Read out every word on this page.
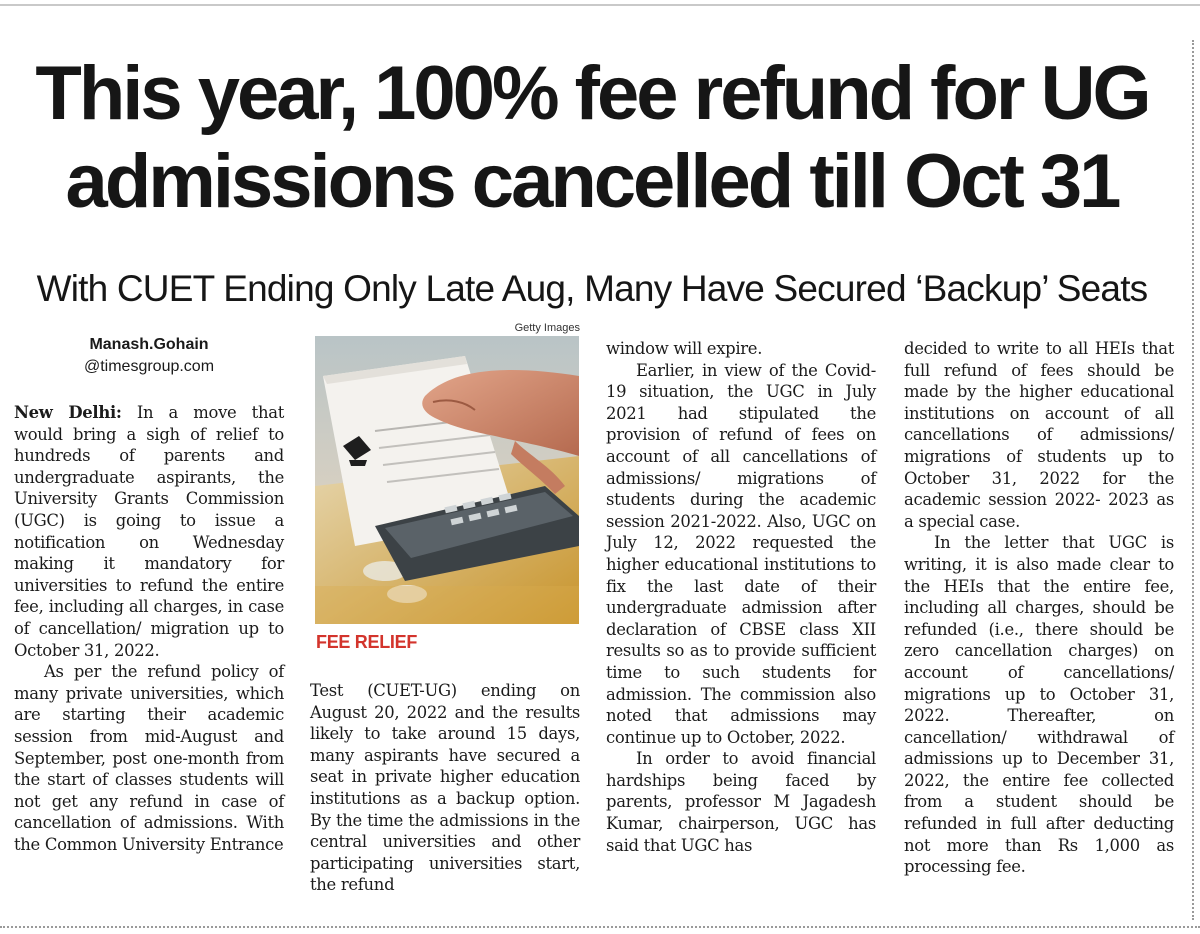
This year, 100% fee refund for UG
admissions cancelled till Oct 31
With CUET Ending Only Late Aug, Many Have Secured ‘Backup’ Seats
Manash.Gohain
@timesgroup.com

New Delhi: In a move that would bring a sigh of relief to hundreds of parents and undergraduate aspirants, the University Grants Commission (UGC) is going to issue a notification on Wednesday making it mandatory for universities to refund the entire fee, including all charges, in case of cancellation/ migration up to October 31, 2022.

As per the refund policy of many private universities, which are starting their academic session from mid-August and September, post one-month from the start of classes students will not get any refund in case of cancellation of admissions. With the Common University Entrance

Getty Images
FEE RELIEF

Test (CUET-UG) ending on August 20, 2022 and the results likely to take around 15 days, many aspirants have secured a seat in private higher education institutions as a backup option. By the time the admissions in the central universities and other participating universities start, the refund

window will expire.

Earlier, in view of the Covid-19 situation, the UGC in July 2021 had stipulated the provision of refund of fees on account of all cancellations of admissions/ migrations of students during the academic session 2021-2022. Also, UGC on July 12, 2022 requested the higher educational institutions to fix the last date of their undergraduate admission after declaration of CBSE class XII results so as to provide sufficient time to such students for admission. The commission also noted that admissions may continue up to October, 2022.

In order to avoid financial hardships being faced by parents, professor M Jagadesh Kumar, chairperson, UGC has said that UGC has

decided to write to all HEIs that full refund of fees should be made by the higher educational institutions on account of all cancellations of admissions/ migrations of students up to October 31, 2022 for the academic session 2022- 2023 as a special case.

In the letter that UGC is writing, it is also made clear to the HEIs that the entire fee, including all charges, should be refunded (i.e., there should be zero cancellation charges) on account of cancellations/ migrations up to October 31, 2022. Thereafter, on cancellation/ withdrawal of admissions up to December 31, 2022, the entire fee collected from a student should be refunded in full after deducting not more than Rs 1,000 as processing fee.
